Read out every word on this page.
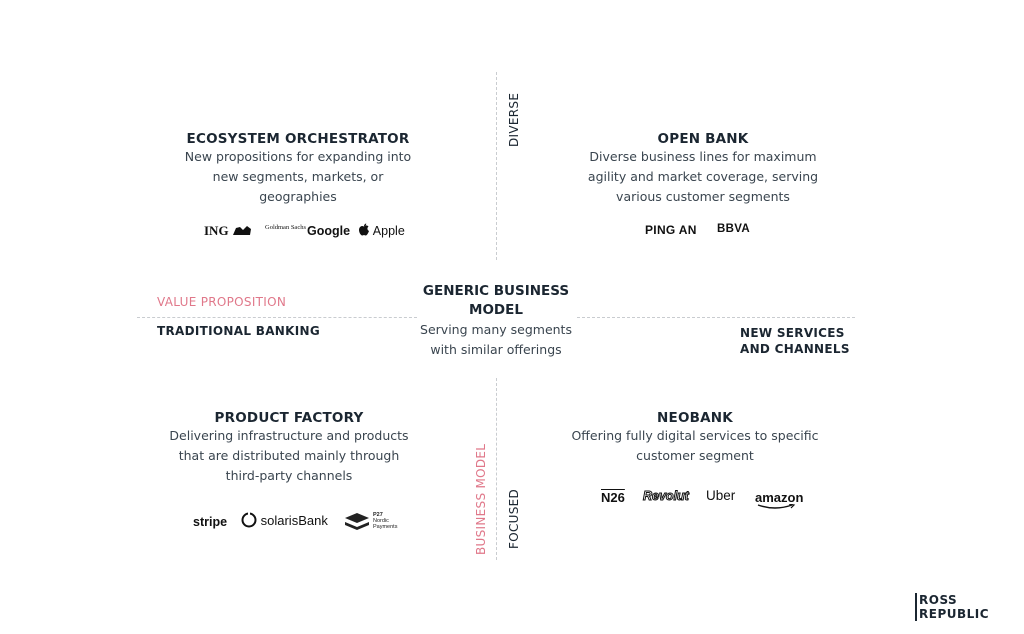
DIVERSE
FOCUSED
BUSINESS MODEL
VALUE PROPOSITION
TRADITIONAL BANKING	NEW SERVICES
AND CHANNELS
GENERIC BUSINESS
MODEL
Serving many segments
with similar offerings
ECOSYSTEM ORCHESTRATOR
New propositions for expanding into
new segments, markets, or
geographies
ING	Goldman Sachs Google	Apple
OPEN BANK
Diverse business lines for maximum
agility and market coverage, serving
various customer segments
PING AN BBVA
PRODUCT FACTORY
Delivering infrastructure and products
that are distributed mainly through
third-party channels
stripe	solarisBank	P27
Nordic
Payments
NEOBANK
Offering fully digital services to specific
customer segment
N26 Revolut Uber amazon
ROSS
REPUBLIC
